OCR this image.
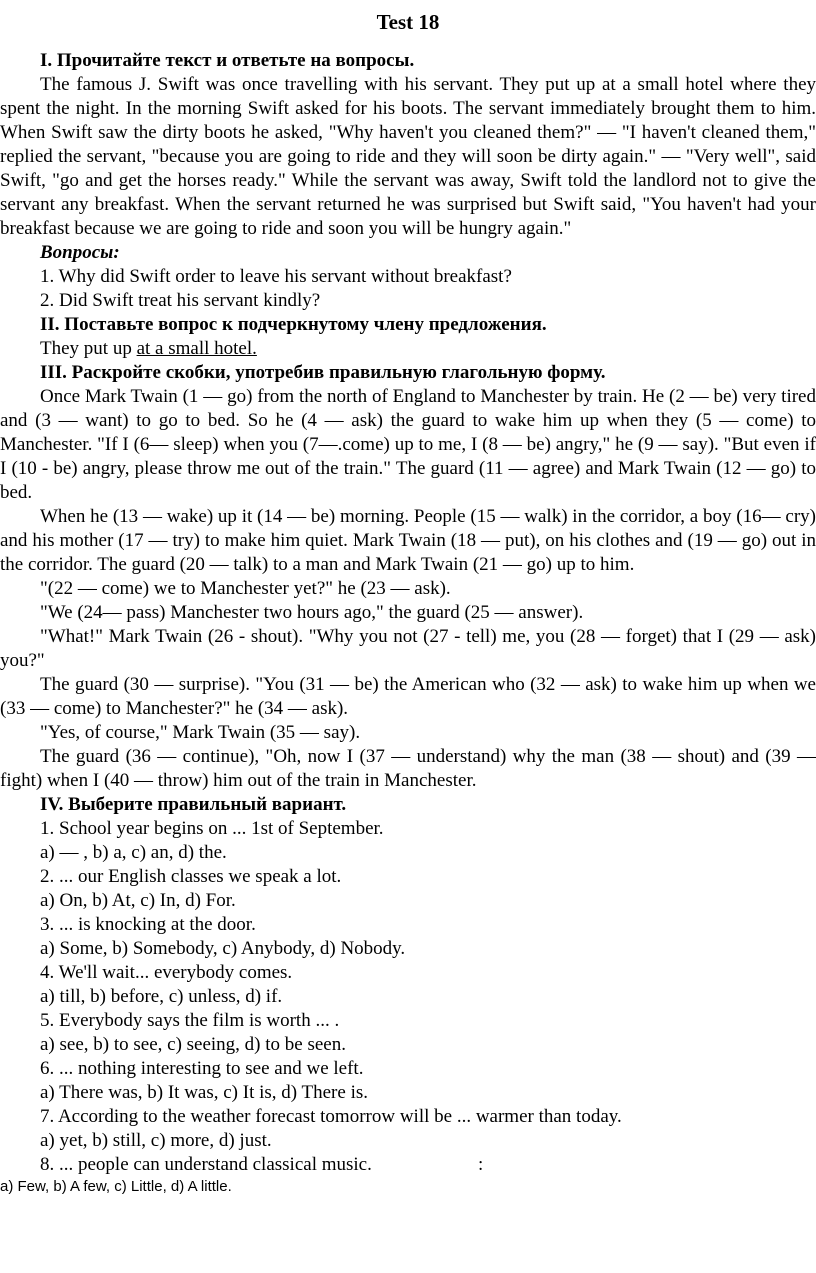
Test 18

I. Прочитайте текст и ответьте на вопросы.

The famous J. Swift was once travelling with his servant. They put up at a small hotel where they spent the night. In the morning Swift asked for his boots. The servant immediately brought them to him. When Swift saw the dirty boots he asked, "Why haven't you cleaned them?" — "I haven't cleaned them," replied the servant, "because you are going to ride and they will soon be dirty again." — "Very well", said Swift, "go and get the horses ready." While the servant was away, Swift told the landlord not to give the servant any breakfast. When the servant returned he was surprised but Swift said, "You haven't had your breakfast because we are going to ride and soon you will be hungry again."

Вопросы:

1. Why did Swift order to leave his servant without breakfast?

2. Did Swift treat his servant kindly?

II. Поставьте вопрос к подчеркнутому члену предложения.

They put up at a small hotel.

III. Раскройте скобки, употребив правильную глагольную форму.

Once Mark Twain (1 — go) from the north of England to Manchester by train. He (2 — be) very tired and (3 — want) to go to bed. So he (4 — ask) the guard to wake him up when they (5 — come) to Manchester. "If I (6— sleep) when you (7—.come) up to me, I (8 — be) angry," he (9 — say). "But even if I (10 - be) angry, please throw me out of the train." The guard (11 — agree) and Mark Twain (12 — go) to bed.

When he (13 — wake) up it (14 — be) morning. People (15 — walk) in the corridor, a boy (16— cry) and his mother (17 — try) to make him quiet. Mark Twain (18 — put), on his clothes and (19 — go) out in the corridor. The guard (20 — talk) to a man and Mark Twain (21 — go) up to him.

"(22 — come) we to Manchester yet?" he (23 — ask).

"We (24— pass) Manchester two hours ago," the guard (25 — answer).

"What!" Mark Twain (26 - shout). "Why you not (27 - tell) me, you (28 — forget) that I (29 — ask) you?"

The guard (30 — surprise). "You (31 — be) the American who (32 — ask) to wake him up when we (33 — come) to Manchester?" he (34 — ask).

"Yes, of course," Mark Twain (35 — say).

The guard (36 — continue), "Oh, now I (37 — understand) why the man (38 — shout) and (39 — fight) when I (40 — throw) him out of the train in Manchester.

IV. Выберите правильный вариант.

1. School year begins on ... 1st of September.

a) — , b) a, c) an, d) the.

2. ... our English classes we speak a lot.

a) On, b) At, c) In, d) For.

3. ... is knocking at the door.

a) Some, b) Somebody, c) Anybody, d) Nobody.

4. We'll wait... everybody comes.

a) till, b) before, c) unless, d) if.

5. Everybody says the film is worth ... .

a) see, b) to see, c) seeing, d) to be seen.

6. ... nothing interesting to see and we left.

a) There was, b) It was, c) It is, d) There is.

7. According to the weather forecast tomorrow will be ... warmer than today.

a) yet, b) still, c) more, d) just.

8. ... people can understand classical music.	:

a) Few, b) A few, c) Little, d) A little.
